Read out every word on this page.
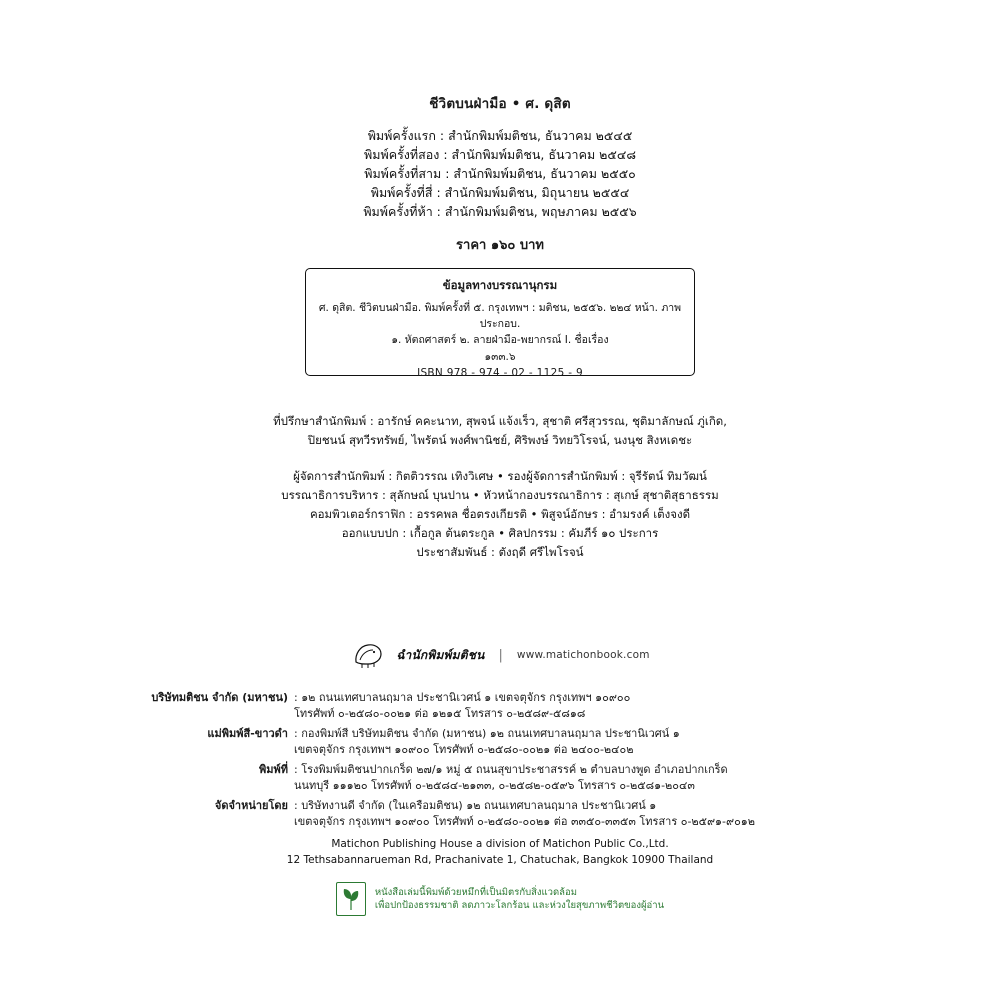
ชีวิตบนฝ่ามือ • ศ. ดุสิต
พิมพ์ครั้งแรก : สำนักพิมพ์มติชน, ธันวาคม ๒๕๔๕
พิมพ์ครั้งที่สอง : สำนักพิมพ์มติชน, ธันวาคม ๒๕๔๘
พิมพ์ครั้งที่สาม : สำนักพิมพ์มติชน, ธันวาคม ๒๕๕๐
พิมพ์ครั้งที่สี่ : สำนักพิมพ์มติชน, มิถุนายน ๒๕๕๔
พิมพ์ครั้งที่ห้า : สำนักพิมพ์มติชน, พฤษภาคม ๒๕๕๖
ราคา ๑๖๐ บาท
ข้อมูลทางบรรณานุกรม
ศ. ดุสิต. ชีวิตบนฝ่ามือ. พิมพ์ครั้งที่ ๕. กรุงเทพฯ : มติชน, ๒๕๕๖. ๒๒๔ หน้า. ภาพประกอบ.
๑. หัตถศาสตร์ ๒. ลายฝ่ามือ-พยากรณ์ I. ชื่อเรื่อง
๑๓๓.๖
ISBN 978 - 974 - 02 - 1125 - 9
ที่ปรึกษาสำนักพิมพ์ : อารักษ์ คคะนาท, สุพจน์ แจ้งเร็ว, สุชาติ ศรีสุวรรณ, ชุติมาลักษณ์ ภู่เกิด,
ปิยชนน์ สุทวีรทรัพย์, ไพรัตน์ พงศ์พานิชย์, ศิริพงษ์ วิทยวิโรจน์, นงนุช สิงหเดชะ
ผู้จัดการสำนักพิมพ์ : กิตติวรรณ เทิงวิเศษ • รองผู้จัดการสำนักพิมพ์ : จุรีรัตน์ ทิมวัฒน์
บรรณาธิการบริหาร : สุลักษณ์ บุนปาน • หัวหน้ากองบรรณาธิการ : สุเกษ์ สุชาติสุธาธรรม
คอมพิวเตอร์กราฟิก : อรรคพล ชื่อตรงเกียรติ • พิสูจน์อักษร : อำมรงค์ เต็งจงดี
ออกแบบปก : เกื้อกูล ต้นตระกูล • ศิลปกรรม : คัมภีร์ ๑๐ ประการ
ประชาสัมพันธ์ : ตังฤดี ศรีไพโรจน์
ฉำนักพิมพ์มติชน | www.matichonbook.com
บริษัทมติชน จำกัด (มหาชน) : ๑๒ ถนนเทศบาลนฤมาล ประชานิเวศน์ ๑ เขตจตุจักร กรุงเทพฯ ๑๐๙๐๐
โทรศัพท์ ๐-๒๕๘๐-๐๐๒๑ ต่อ ๑๒๑๕ โทรสาร ๐-๒๕๘๙-๕๘๑๘
แม่พิมพ์สี-ขาวดำ : กองพิมพ์สี บริษัทมติชน จำกัด (มหาชน) ๑๒ ถนนเทศบาลนฤมาล ประชานิเวศน์ ๑
เขตจตุจักร กรุงเทพฯ ๑๐๙๐๐ โทรศัพท์ ๐-๒๕๘๐-๐๐๒๑ ต่อ ๒๔๐๐-๒๔๐๒
พิมพ์ที่ : โรงพิมพ์มติชนปากเกร็ด ๒๗/๑ หมู่ ๕ ถนนสุขาประชาสรรค์ ๒ ตำบลบางพูด อำเภอปากเกร็ด
นนทบุรี ๑๑๑๒๐ โทรศัพท์ ๐-๒๕๘๔-๒๑๓๓, ๐-๒๕๘๒-๐๕๙๖ โทรสาร ๐-๒๕๘๑-๒๐๔๓
จัดจำหน่ายโดย : บริษัทงานดี จำกัด (ในเครือมติชน) ๑๒ ถนนเทศบาลนฤมาล ประชานิเวศน์ ๑
เขตจตุจักร กรุงเทพฯ ๑๐๙๐๐ โทรศัพท์ ๐-๒๕๘๐-๐๐๒๑ ต่อ ๓๓๕๐-๓๓๕๓ โทรสาร ๐-๒๕๙๑-๙๐๑๒
Matichon Publishing House a division of Matichon Public Co.,Ltd.
12 Tethsabannarueman Rd, Prachanivate 1, Chatuchak, Bangkok 10900 Thailand
หนังสือเล่มนี้พิมพ์ด้วยหมึกที่เป็นมิตรกับสิ่งแวดล้อม
เพื่อปกป้องธรรมชาติ ลดภาวะโลกร้อน และห่วงใยสุขภาพชีวิตของผู้อ่าน
